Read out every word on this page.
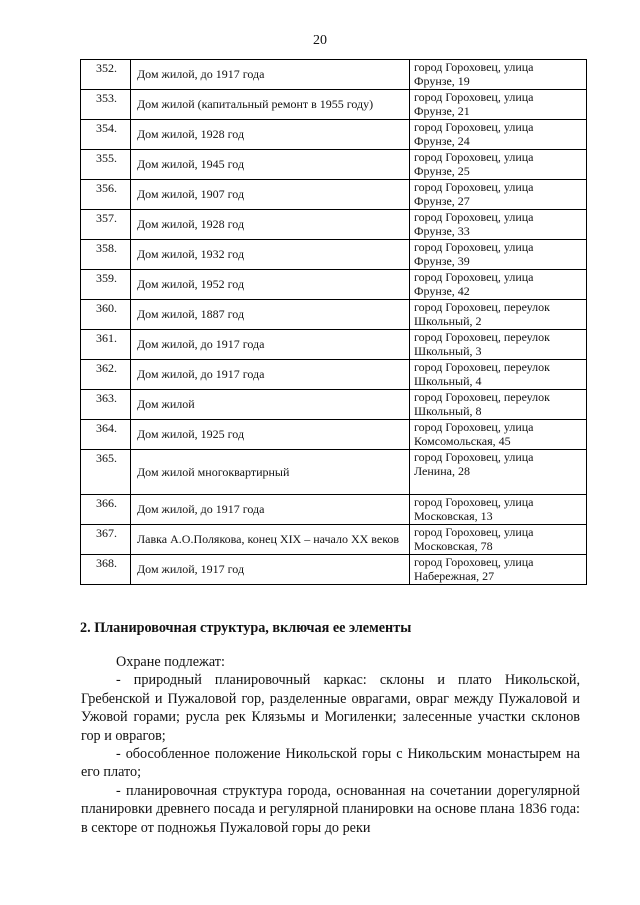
20
352.	Дом жилой, до 1917 года	город Гороховец, улица
Фрунзе, 19

353.	Дом жилой (капитальный ремонт в 1955 году)	город Гороховец, улица
Фрунзе, 21

354.	Дом жилой, 1928 год	город Гороховец, улица
Фрунзе, 24

355.	Дом жилой, 1945 год	город Гороховец, улица
Фрунзе, 25

356.	Дом жилой, 1907 год	город Гороховец, улица
Фрунзе, 27

357.	Дом жилой, 1928 год	город Гороховец, улица
Фрунзе, 33

358.	Дом жилой, 1932 год	город Гороховец, улица
Фрунзе, 39

359.	Дом жилой, 1952 год	город Гороховец, улица
Фрунзе, 42

360.	Дом жилой, 1887 год	город Гороховец, переулок
Школьный, 2

361.	Дом жилой, до 1917 года	город Гороховец, переулок
Школьный, 3

362.	Дом жилой, до 1917 года	город Гороховец, переулок
Школьный, 4

363.	Дом жилой	город Гороховец, переулок
Школьный, 8

364.	Дом жилой, 1925 год	город Гороховец, улица
Комсомольская, 45

365.	Дом жилой многоквартирный	город Гороховец, улица
Ленина, 28

366.	Дом жилой, до 1917 года	город Гороховец, улица
Московская, 13

367.	Лавка А.О.Полякова, конец XIX – начало XX веков	город Гороховец, улица
Московская, 78

368.	Дом жилой, 1917 год	город Гороховец, улица
Набережная, 27
2. Планировочная структура, включая ее элементы

Охране подлежат:

- природный планировочный каркас: склоны и плато Никольской, Гребенской и Пужаловой гор, разделенные оврагами, овраг между Пужаловой и Ужовой горами; русла рек Клязьмы и Могиленки; залесенные участки склонов гор и оврагов;

- обособленное положение Никольской горы с Никольским монастырем на его плато;

- планировочная структура города, основанная на сочетании дорегулярной планировки древнего посада и регулярной планировки на основе плана 1836 года: в секторе от подножья Пужаловой горы до реки
